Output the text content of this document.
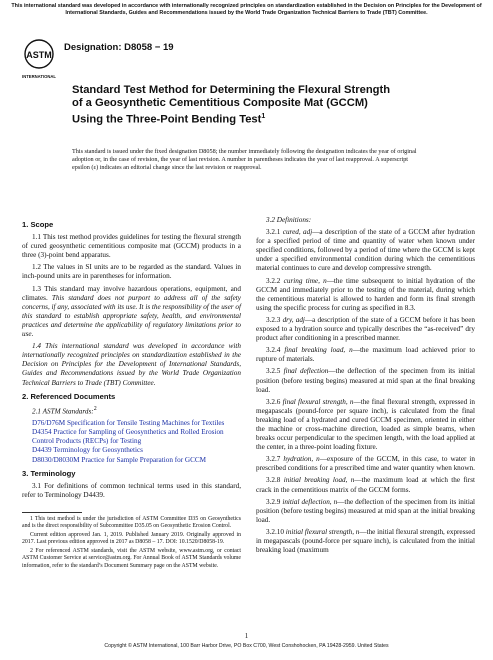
This international standard was developed in accordance with internationally recognized principles on standardization established in the Decision on Principles for the Development of International Standards, Guides and Recommendations issued by the World Trade Organization Technical Barriers to Trade (TBT) Committee.
ASTM
INTERNATIONAL
Designation: D8058 − 19
Standard Test Method for Determining the Flexural Strength of a Geosynthetic Cementitious Composite Mat (GCCM) Using the Three-Point Bending Test$^1$
This standard is issued under the fixed designation D8058; the number immediately following the designation indicates the year of original adoption or, in the case of revision, the year of last revision. A number in parentheses indicates the year of last reapproval. A superscript epsilon (ε) indicates an editorial change since the last revision or reapproval.
1. Scope

1.1 This test method provides guidelines for testing the flexural strength of cured geosynthetic cementitious composite mat (GCCM) products in a three (3)-point bend apparatus.

1.2 The values in SI units are to be regarded as the standard. Values in inch-pound units are in parentheses for information.

1.3 This standard may involve hazardous operations, equipment, and climates. This standard does not purport to address all of the safety concerns, if any, associated with its use. It is the responsibility of the user of this standard to establish appropriate safety, health, and environmental practices and determine the applicability of regulatory limitations prior to use.

1.4 This international standard was developed in accordance with internationally recognized principles on standardization established in the Decision on Principles for the Development of International Standards, Guides and Recommendations issued by the World Trade Organization Technical Barriers to Trade (TBT) Committee.

2. Referenced Documents

2.1 ASTM Standards:$^2$

D76/D76M Specification for Tensile Testing Machines for Textiles
D4354 Practice for Sampling of Geosynthetics and Rolled Erosion Control Products (RECPs) for Testing
D4439 Terminology for Geosynthetics
D8030/D8030M Practice for Sample Preparation for GCCM
3. Terminology

3.1 For definitions of common technical terms used in this standard, refer to Terminology D4439.

1 This test method is under the jurisdiction of ASTM Committee D35 on Geosynthetics and is the direct responsibility of Subcommittee D35.05 on Geosynthetic Erosion Control.

Current edition approved Jan. 1, 2019. Published January 2019. Originally approved in 2017. Last previous edition approved in 2017 as D8058 – 17. DOI: 10.1520/D8058-19.

2 For referenced ASTM standards, visit the ASTM website, www.astm.org, or contact ASTM Customer Service at service@astm.org. For Annual Book of ASTM Standards volume information, refer to the standard’s Document Summary page on the ASTM website.

3.2 Definitions:

3.2.1 cured, adj—a description of the state of a GCCM after hydration for a specified period of time and quantity of water when known under specified conditions, followed by a period of time where the GCCM is kept under a specified environmental condition during which the cementitious material continues to cure and develop compressive strength.

3.2.2 curing time, n—the time subsequent to initial hydration of the GCCM and immediately prior to the testing of the material, during which the cementitious material is allowed to harden and form its final strength using the specific process for curing as specified in 8.3.

3.2.3 dry, adj—a description of the state of a GCCM before it has been exposed to a hydration source and typically describes the “as-received” dry product after conditioning in a prescribed manner.

3.2.4 final breaking load, n—the maximum load achieved prior to rupture of materials.

3.2.5 final deflection—the deflection of the specimen from its initial position (before testing begins) measured at mid span at the final breaking load.

3.2.6 final flexural strength, n—the final flexural strength, expressed in megapascals (pound-force per square inch), is calculated from the final breaking load of a hydrated and cured GCCM specimen, oriented in either the machine or cross-machine direction, loaded as simple beams, when breaks occur perpendicular to the specimen length, with the load applied at the center, in a three-point loading fixture.

3.2.7 hydration, n—exposure of the GCCM, in this case, to water in prescribed conditions for a prescribed time and water quantity when known.

3.2.8 initial breaking load, n—the maximum load at which the first crack in the cementitious matrix of the GCCM forms.

3.2.9 initial deflection, n—the deflection of the specimen from its initial position (before testing begins) measured at mid span at the initial breaking load.

3.2.10 initial flexural strength, n—the initial flexural strength, expressed in megapascals (pound-force per square inch), is calculated from the initial breaking load (maximum

1
Copyright © ASTM International, 100 Barr Harbor Drive, PO Box C700, West Conshohocken, PA 19428-2959. United States
